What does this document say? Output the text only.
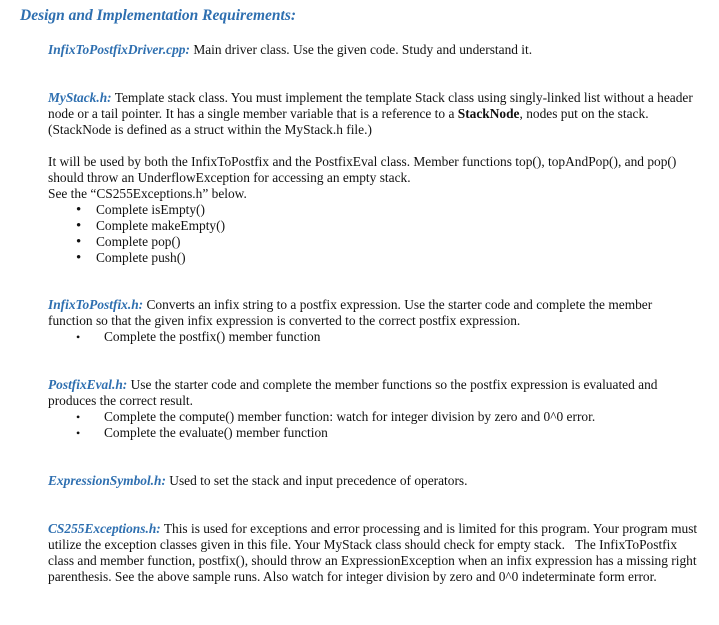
Design and Implementation Requirements:

InfixToPostfixDriver.cpp: Main driver class. Use the given code. Study and understand it.

MyStack.h: Template stack class. You must implement the template Stack class using singly-linked list without a header node or a tail pointer. It has a single member variable that is a reference to a StackNode, nodes put on the stack. (StackNode is defined as a struct within the MyStack.h file.)

It will be used by both the InfixToPostfix and the PostfixEval class. Member functions top(), topAndPop(), and pop() should throw an UnderflowException for accessing an empty stack.

See the “CS255Exceptions.h” below.

• Complete isEmpty()
• Complete makeEmpty()
• Complete pop()
• Complete push()

InfixToPostfix.h: Converts an infix string to a postfix expression. Use the starter code and complete the member function so that the given infix expression is converted to the correct postfix expression.

• Complete the postfix() member function

PostfixEval.h: Use the starter code and complete the member functions so the postfix expression is evaluated and produces the correct result.

• Complete the compute() member function: watch for integer division by zero and 0^0 error.
• Complete the evaluate() member function

ExpressionSymbol.h: Used to set the stack and input precedence of operators.

CS255Exceptions.h: This is used for exceptions and error processing and is limited for this program. Your program must utilize the exception classes given in this file. Your MyStack class should check for empty stack.   The InfixToPostfix class and member function, postfix(), should throw an ExpressionException when an infix expression has a missing right parenthesis. See the above sample runs. Also watch for integer division by zero and 0^0 indeterminate form error.
